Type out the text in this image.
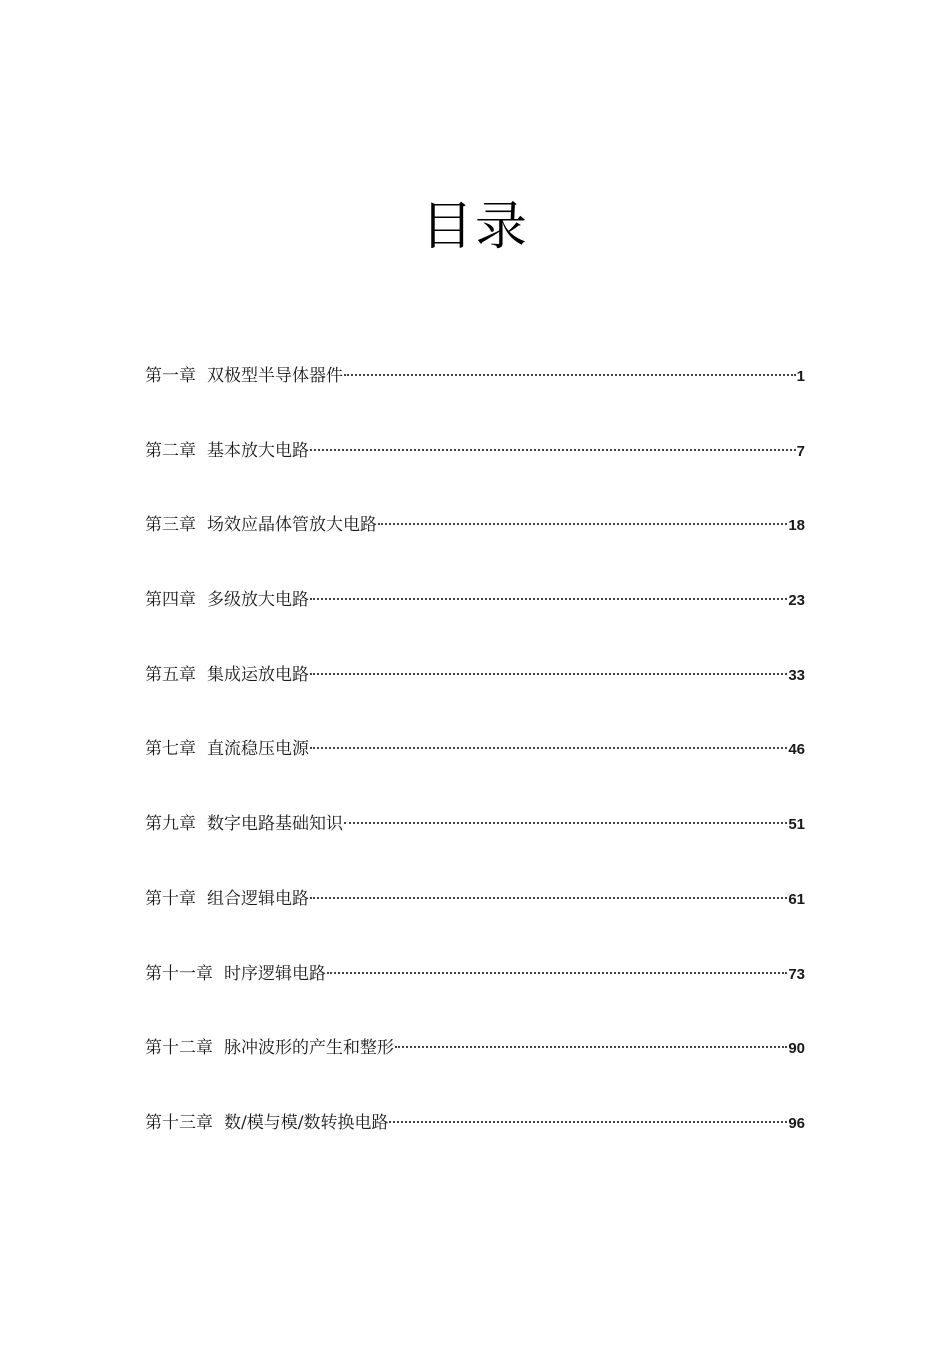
目录
第一章 双极型半导体器件	1
第二章 基本放大电路	7
第三章 场效应晶体管放大电路	18
第四章 多级放大电路	23
第五章 集成运放电路	33
第七章 直流稳压电源	46
第九章 数字电路基础知识	51
第十章 组合逻辑电路	61
第十一章 时序逻辑电路	73
第十二章 脉冲波形的产生和整形	90
第十三章 数/模与模/数转换电路	96
